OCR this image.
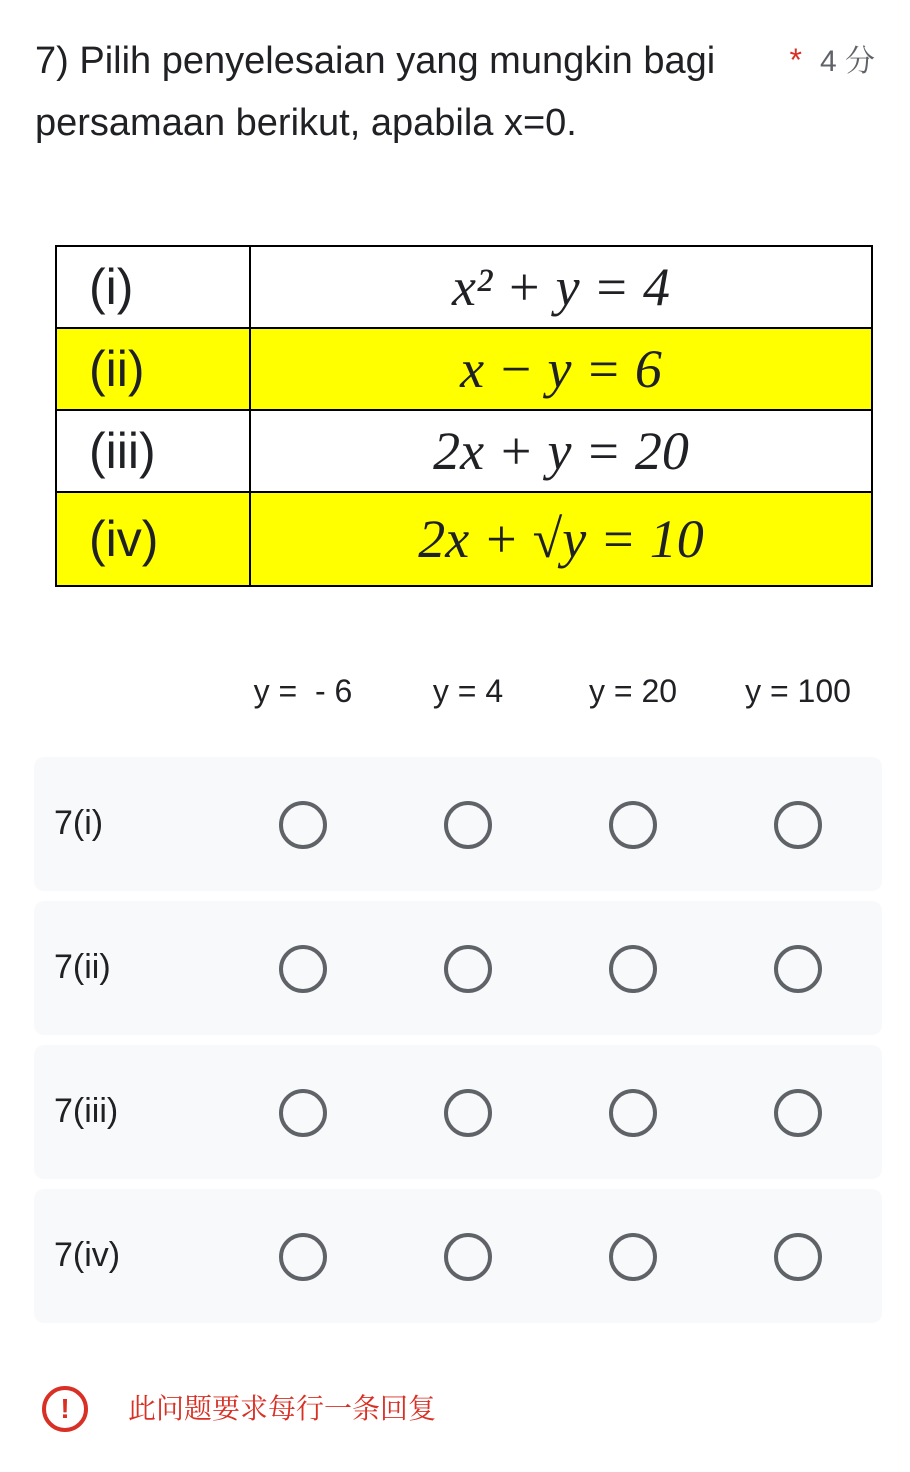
7) Pilih penyelesaian yang mungkin bagi
persamaan berikut, apabila x=0.
* 4 分
(i)	x² + y = 4
(ii)	x − y = 6
(iii)	2x + y = 20
(iv)	2x + √y = 10
y =  - 6	y = 4	y = 20	y = 100
7(i)
7(ii)
7(iii)
7(iv)
!	此问题要求每行一条回复
